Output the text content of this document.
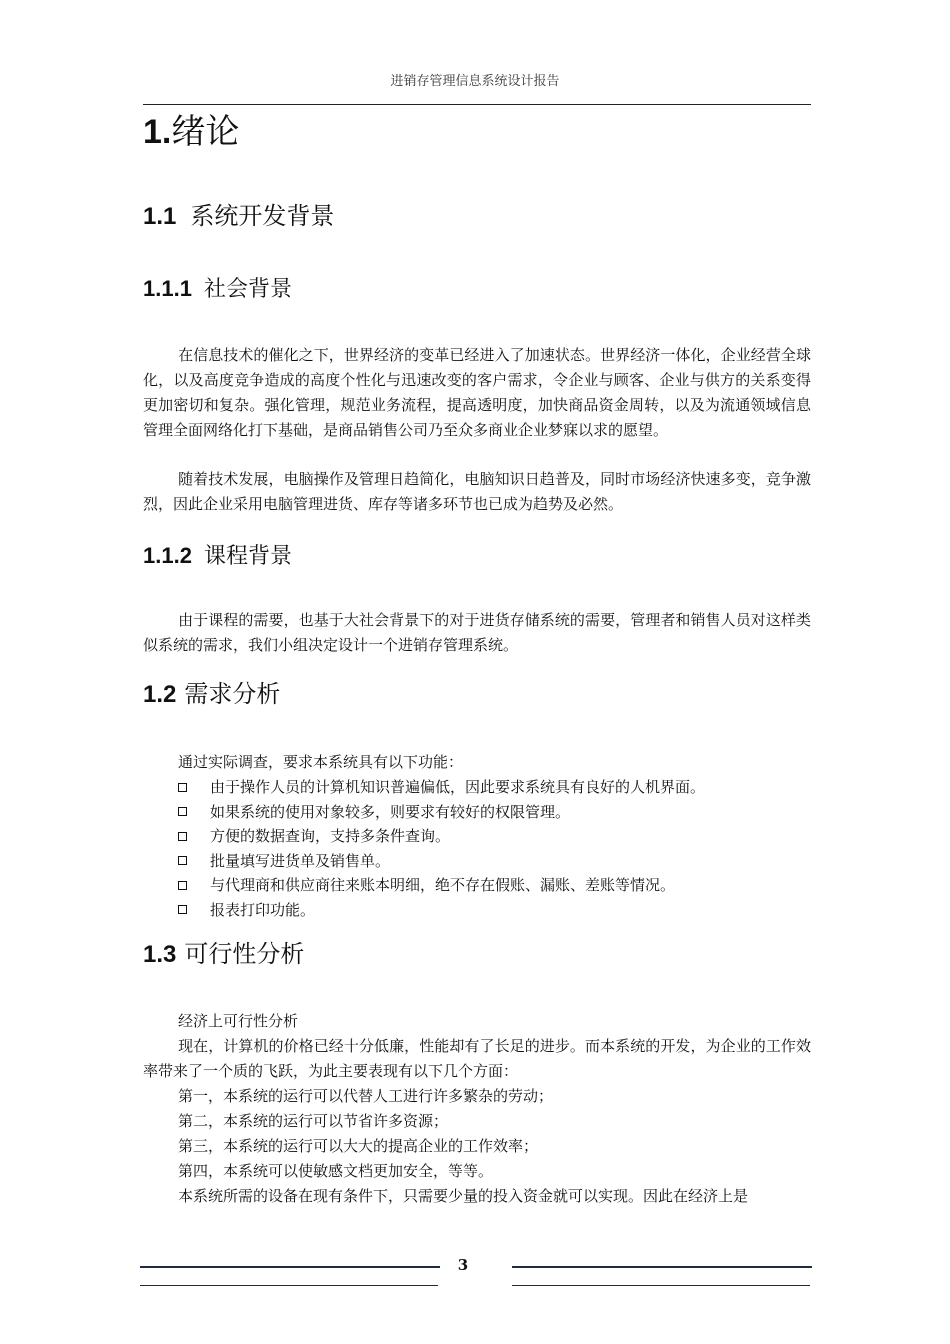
进销存管理信息系统设计报告
1.绪论
1.1 系统开发背景
1.1.1 社会背景
在信息技术的催化之下，世界经济的变革已经进入了加速状态。世界经济一体化，企业经营全球化，以及高度竞争造成的高度个性化与迅速改变的客户需求，令企业与顾客、企业与供方的关系变得更加密切和复杂。强化管理，规范业务流程，提高透明度，加快商品资金周转，以及为流通领域信息管理全面网络化打下基础，是商品销售公司乃至众多商业企业梦寐以求的愿望。
随着技术发展，电脑操作及管理日趋简化，电脑知识日趋普及，同时市场经济快速多变，竞争激烈，因此企业采用电脑管理进货、库存等诸多环节也已成为趋势及必然。
1.1.2 课程背景
由于课程的需要，也基于大社会背景下的对于进货存储系统的需要，管理者和销售人员对这样类似系统的需求，我们小组决定设计一个进销存管理系统。
1.2 需求分析
通过实际调查，要求本系统具有以下功能：
由于操作人员的计算机知识普遍偏低，因此要求系统具有良好的人机界面。
如果系统的使用对象较多，则要求有较好的权限管理。
方便的数据查询，支持多条件查询。
批量填写进货单及销售单。
与代理商和供应商往来账本明细，绝不存在假账、漏账、差账等情况。
报表打印功能。
1.3 可行性分析
经济上可行性分析
现在，计算机的价格已经十分低廉，性能却有了长足的进步。而本系统的开发，为企业的工作效率带来了一个质的飞跃，为此主要表现有以下几个方面：
第一，本系统的运行可以代替人工进行许多繁杂的劳动；
第二，本系统的运行可以节省许多资源；
第三，本系统的运行可以大大的提高企业的工作效率；
第四，本系统可以使敏感文档更加安全，等等。
本系统所需的设备在现有条件下，只需要少量的投入资金就可以实现。因此在经济上是
3
